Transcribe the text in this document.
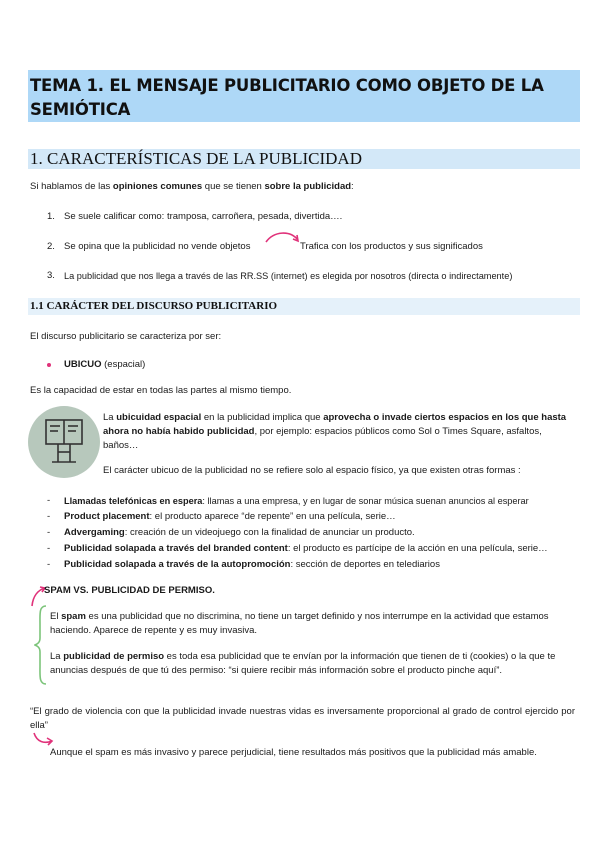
TEMA 1. EL MENSAJE PUBLICITARIO COMO OBJETO DE LA SEMIÓTICA
1. CARACTERÍSTICAS DE LA PUBLICIDAD
Si hablamos de las opiniones comunes que se tienen sobre la publicidad:
1. Se suele calificar como: tramposa, carroñera, pesada, divertida….
2. Se opina que la publicidad no vende objetos	Trafica con los productos y sus significados
3. La publicidad que nos llega a través de las RR.SS (internet) es elegida por nosotros (directa o indirectamente)
1.1 CARÁCTER DEL DISCURSO PUBLICITARIO
El discurso publicitario se caracteriza por ser:
UBICUO (espacial)
Es la capacidad de estar en todas las partes al mismo tiempo.
La ubicuidad espacial en la publicidad implica que aprovecha o invade ciertos espacios en los que hasta ahora no había habido publicidad, por ejemplo: espacios públicos como Sol o Times Square, asfaltos, baños…
El carácter ubicuo de la publicidad no se refiere solo al espacio físico, ya que existen otras formas :
- Llamadas telefónicas en espera: llamas a una empresa, y en lugar de sonar música suenan anuncios al esperar
- Product placement: el producto aparece “de repente” en una película, serie…
- Advergaming: creación de un videojuego con la finalidad de anunciar un producto.
- Publicidad solapada a través del branded content: el producto es partícipe de la acción en una película, serie…
- Publicidad solapada a través de la autopromoción: sección de deportes en telediarios
SPAM VS. PUBLICIDAD DE PERMISO.
El spam es una publicidad que no discrimina, no tiene un target definido y nos interrumpe en la actividad que estamos haciendo. Aparece de repente y es muy invasiva.
La publicidad de permiso es toda esa publicidad que te envían por la información que tienen de ti (cookies) o la que te anuncias después de que tú des permiso: “si quiere recibir más información sobre el producto pinche aquí”.
“El grado de violencia con que la publicidad invade nuestras vidas es inversamente proporcional al grado de control ejercido por ella”
Aunque el spam es más invasivo y parece perjudicial, tiene resultados más positivos que la publicidad más amable.
